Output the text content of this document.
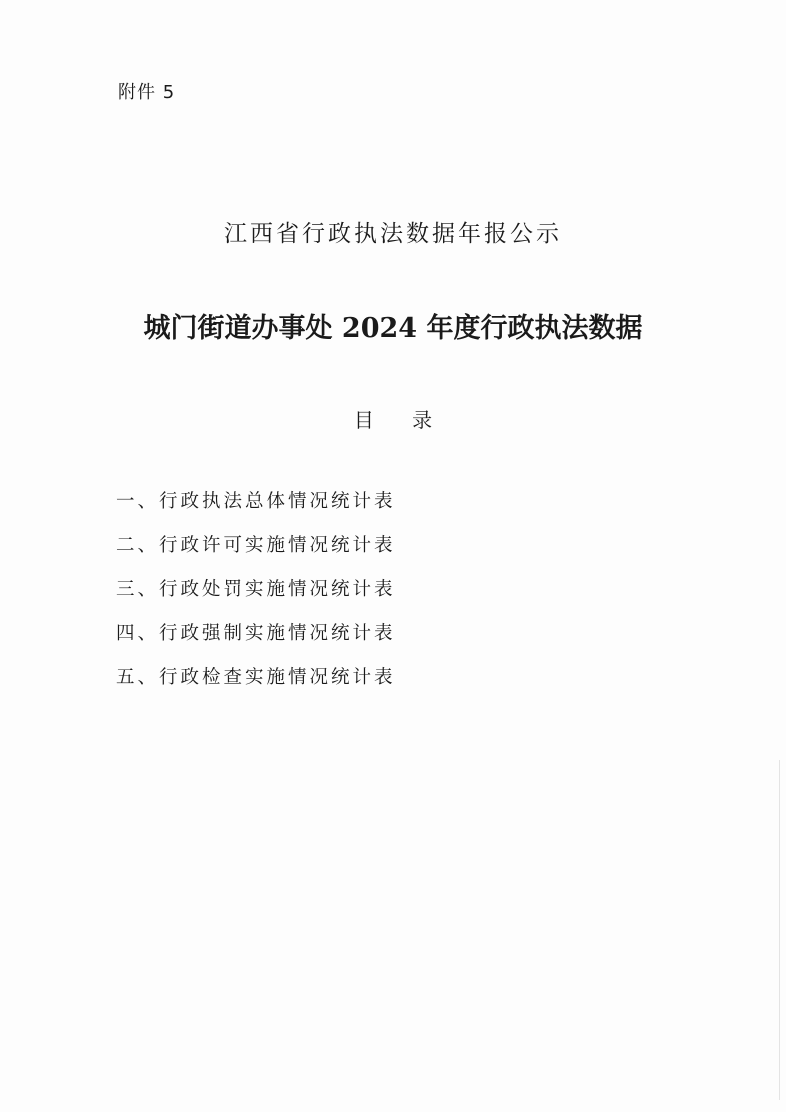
附件 5
江西省行政执法数据年报公示
城门街道办事处 2024 年度行政执法数据
目 录
一、行政执法总体情况统计表
二、行政许可实施情况统计表
三、行政处罚实施情况统计表
四、行政强制实施情况统计表
五、行政检查实施情况统计表
